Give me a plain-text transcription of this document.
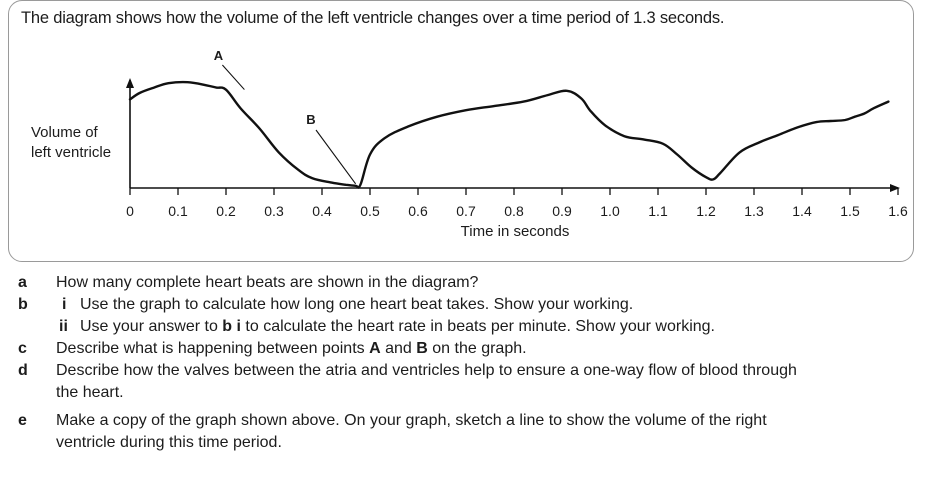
The diagram shows how the volume of the left ventricle changes over a time period of 1.3 seconds.
0 0.1 0.2 0.3 0.4 0.5 0.6 0.7 0.8 0.9 1.0 1.1 1.2 1.3 1.4 1.5 1.6
A
B
Volume of
left ventricle
Time in seconds
a How many complete heart beats are shown in the diagram?
b i Use the graph to calculate how long one heart beat takes. Show your working.
ii Use your answer to b i to calculate the heart rate in beats per minute. Show your working.
c Describe what is happening between points A and B on the graph.
d Describe how the valves between the atria and ventricles help to ensure a one-way flow of blood through the heart.
e Make a copy of the graph shown above. On your graph, sketch a line to show the volume of the right ventricle during this time period.
